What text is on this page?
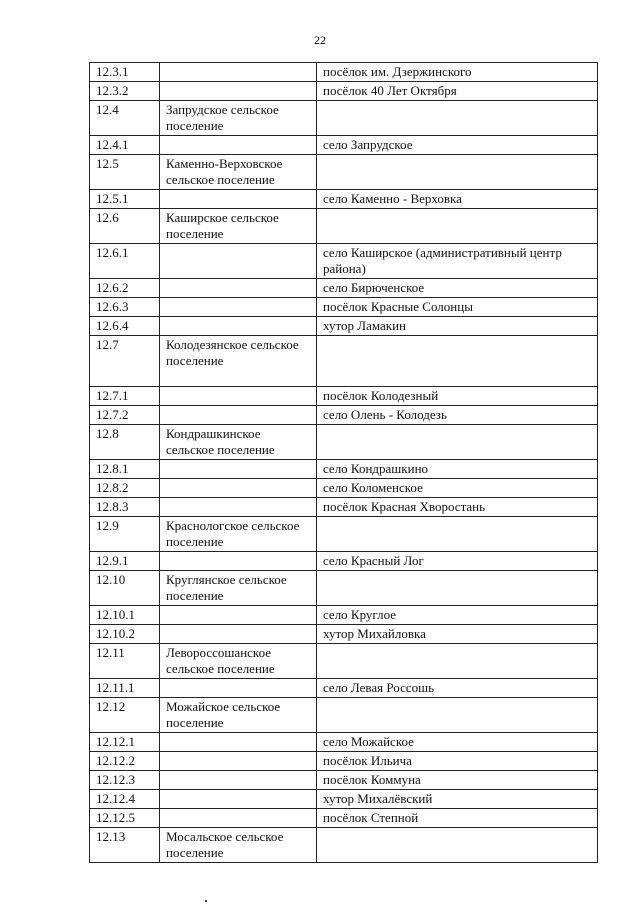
22
12.3.1		посёлок им. Дзержинского
12.3.2		посёлок 40 Лет Октября
12.4	Запрудское сельское поселение	
12.4.1		село Запрудское
12.5	Каменно-Верховское сельское поселение	
12.5.1		село Каменно - Верховка
12.6	Каширское сельское поселение	
12.6.1		село Каширское (административный центр района)
12.6.2		село Бирюченское
12.6.3		посёлок Красные Солонцы
12.6.4		хутор Ламакин
12.7	Колодезянское сельское поселение	
12.7.1		посёлок Колодезный
12.7.2		село Олень - Колодезь
12.8	Кондрашкинское сельское поселение	
12.8.1		село Кондрашкино
12.8.2		село Коломенское
12.8.3		посёлок Красная Хворостань
12.9	Краснологское сельское поселение	
12.9.1		село Красный Лог
12.10	Круглянское сельское поселение	
12.10.1		село Круглое
12.10.2		хутор Михайловка
12.11	Левороссошанское сельское поселение	
12.11.1		село Левая Россошь
12.12	Можайское сельское поселение	
12.12.1		село Можайское
12.12.2		посёлок Ильича
12.12.3		посёлок Коммуна
12.12.4		хутор Михалёвский
12.12.5		посёлок Степной
12.13	Мосальское сельское поселение	
